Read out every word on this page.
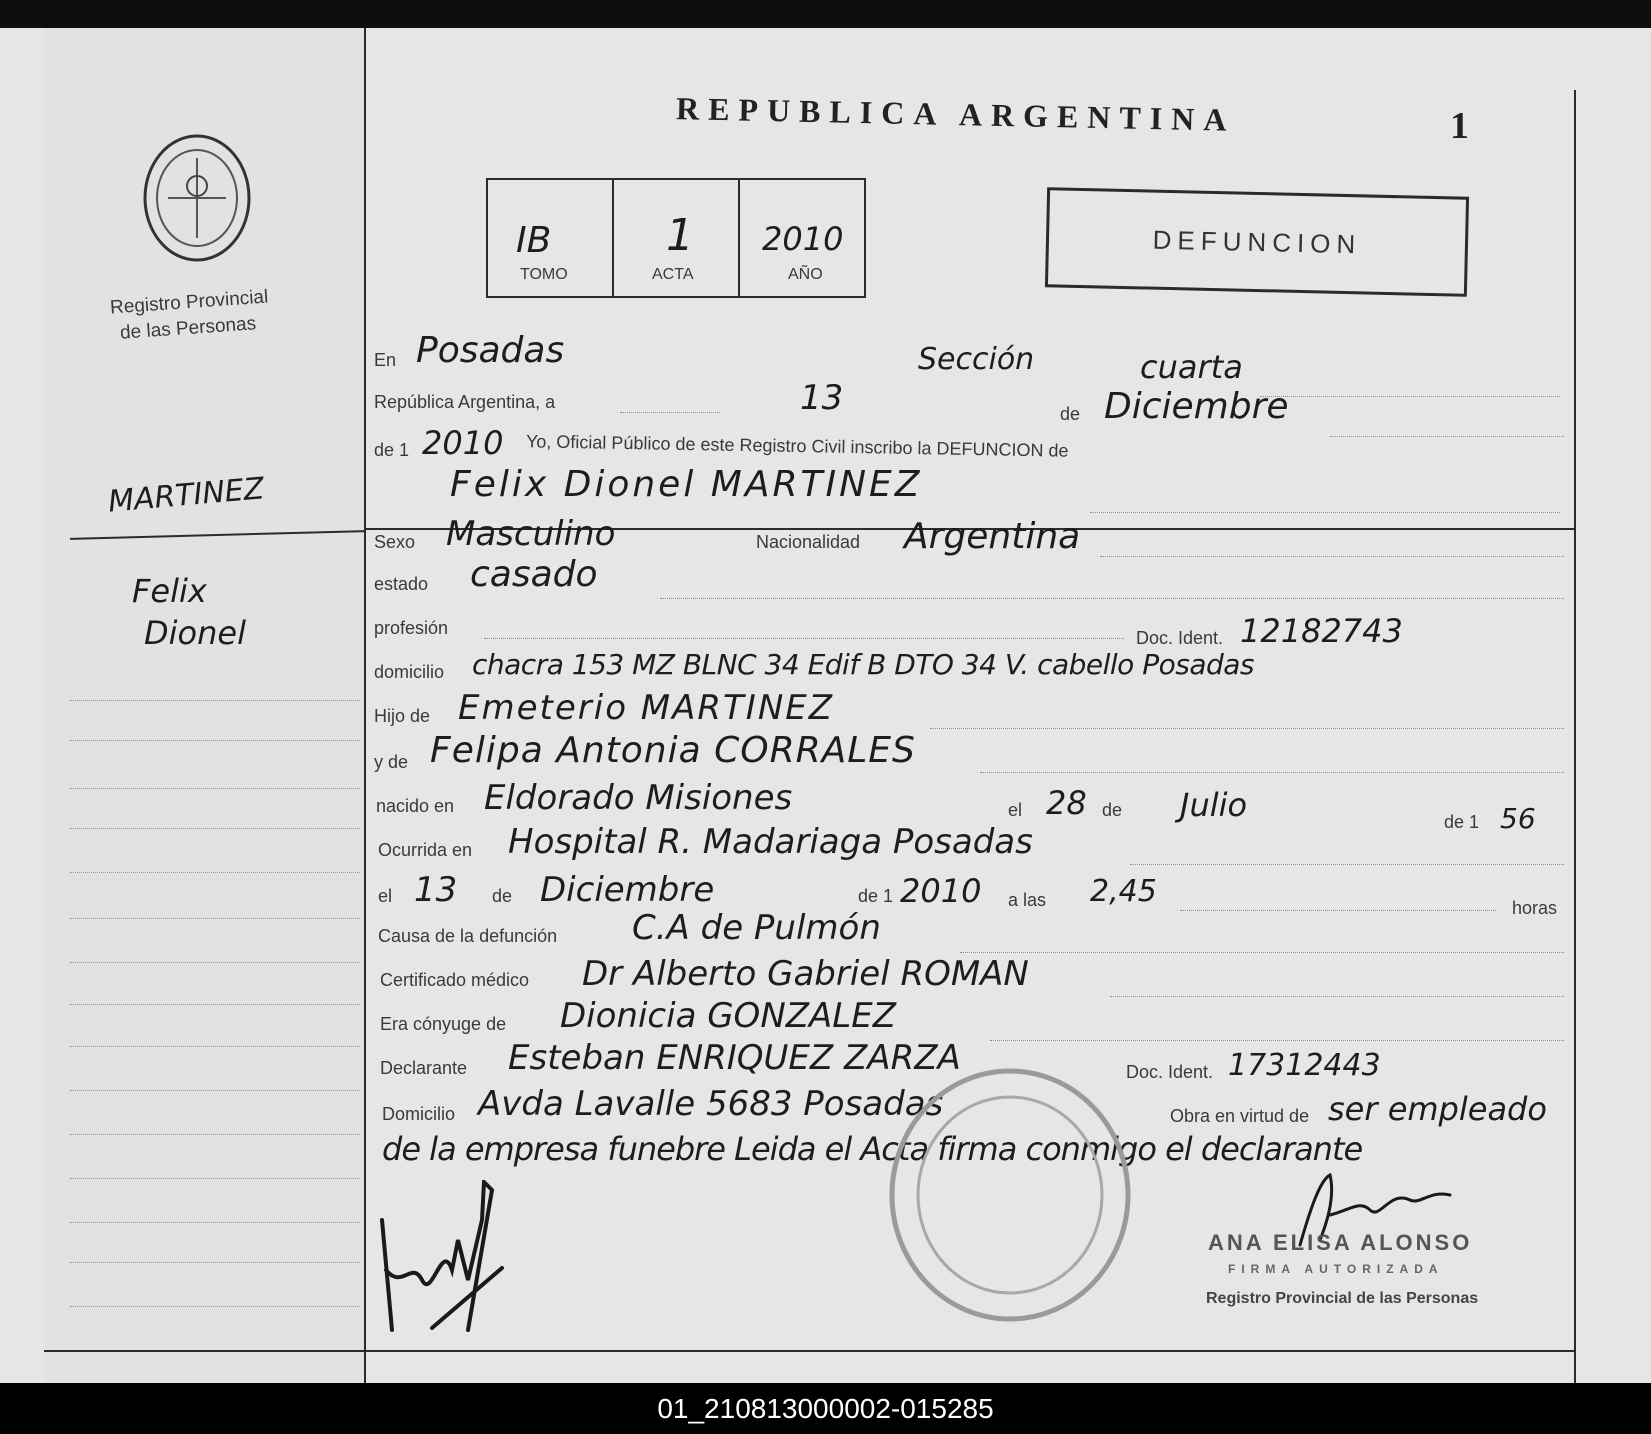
Registro Provincial
de las Personas
MARTINEZ
Felix
Dionel
REPUBLICA ARGENTINA	1
IB
TOMO
1
ACTA
2010
AÑO
DEFUNCION
En Posadas	Sección	cuarta
República Argentina, a	13	de Diciembre
de 1 2010 Yo, Oficial Público de este Registro Civil inscribo la DEFUNCION de
Felix Dionel MARTINEZ
Sexo Masculino	Nacionalidad Argentina
estado casado
profesión	Doc. Ident. 12182743
domicilio chacra 153 MZ BLNC 34 Edif B DTO 34 V. cabello Posadas
Hijo de Emeterio MARTINEZ
y de Felipa Antonia CORRALES
nacido en Eldorado Misiones	el 28 de Julio	de 1 56
Ocurrida en Hospital R. Madariaga Posadas
el 13 de Diciembre	de 1 2010 a las 2,45	horas
Causa de la defunción C.A de Pulmón
Certificado médico Dr Alberto Gabriel ROMAN
Era cónyuge de Dionicia GONZALEZ
Declarante Esteban ENRIQUEZ ZARZA	Doc. Ident. 17312443
Domicilio Avda Lavalle 5683 Posadas	Obra en virtud de ser empleado
de la empresa funebre Leida el Acta firma conmigo el declarante
ANA ELISA ALONSO
FIRMA AUTORIZADA
Registro Provincial de las Personas
01_210813000002-015285
